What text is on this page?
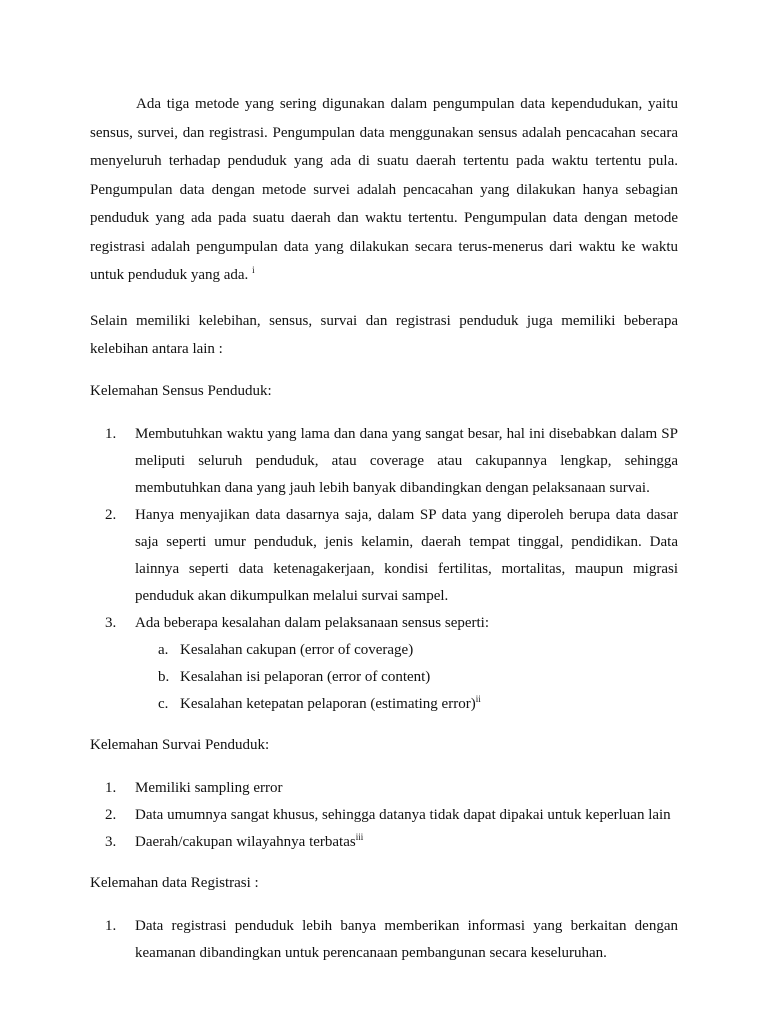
Ada tiga metode yang sering digunakan dalam pengumpulan data kependudukan, yaitu sensus, survei, dan registrasi. Pengumpulan data menggunakan sensus adalah pencacahan secara menyeluruh terhadap penduduk yang ada di suatu daerah tertentu pada waktu tertentu pula. Pengumpulan data dengan metode survei adalah pencacahan yang dilakukan hanya sebagian penduduk yang ada pada suatu daerah dan waktu tertentu. Pengumpulan data dengan metode registrasi adalah pengumpulan data yang dilakukan secara terus-menerus dari waktu ke waktu untuk penduduk yang ada. $^i$

Selain memiliki kelebihan, sensus, survai dan registrasi penduduk juga memiliki beberapa kelebihan antara lain :

Kelemahan Sensus Penduduk:

1.	Membutuhkan waktu yang lama dan dana yang sangat besar, hal ini disebabkan dalam SP meliputi seluruh penduduk, atau coverage atau cakupannya lengkap, sehingga membutuhkan dana yang jauh lebih banyak dibandingkan dengan pelaksanaan survai.
2.	Hanya menyajikan data dasarnya saja, dalam SP data yang diperoleh berupa data dasar saja seperti umur penduduk, jenis kelamin, daerah tempat tinggal, pendidikan. Data lainnya seperti data ketenagakerjaan, kondisi fertilitas, mortalitas, maupun migrasi penduduk akan dikumpulkan melalui survai sampel.
3.	Ada beberapa kesalahan dalam pelaksanaan sensus seperti:
a. Kesalahan cakupan (error of coverage)
b. Kesalahan isi pelaporan (error of content)
c. Kesalahan ketepatan pelaporan (estimating error)$^{ii}$

Kelemahan Survai Penduduk:

1.	Memiliki sampling error
2.	Data umumnya sangat khusus, sehingga datanya tidak dapat dipakai untuk keperluan lain
3.	Daerah/cakupan wilayahnya terbatas$^{iii}$

Kelemahan data Registrasi :

1.	Data registrasi penduduk lebih banya memberikan informasi yang berkaitan dengan keamanan dibandingkan untuk perencanaan pembangunan secara keseluruhan.
